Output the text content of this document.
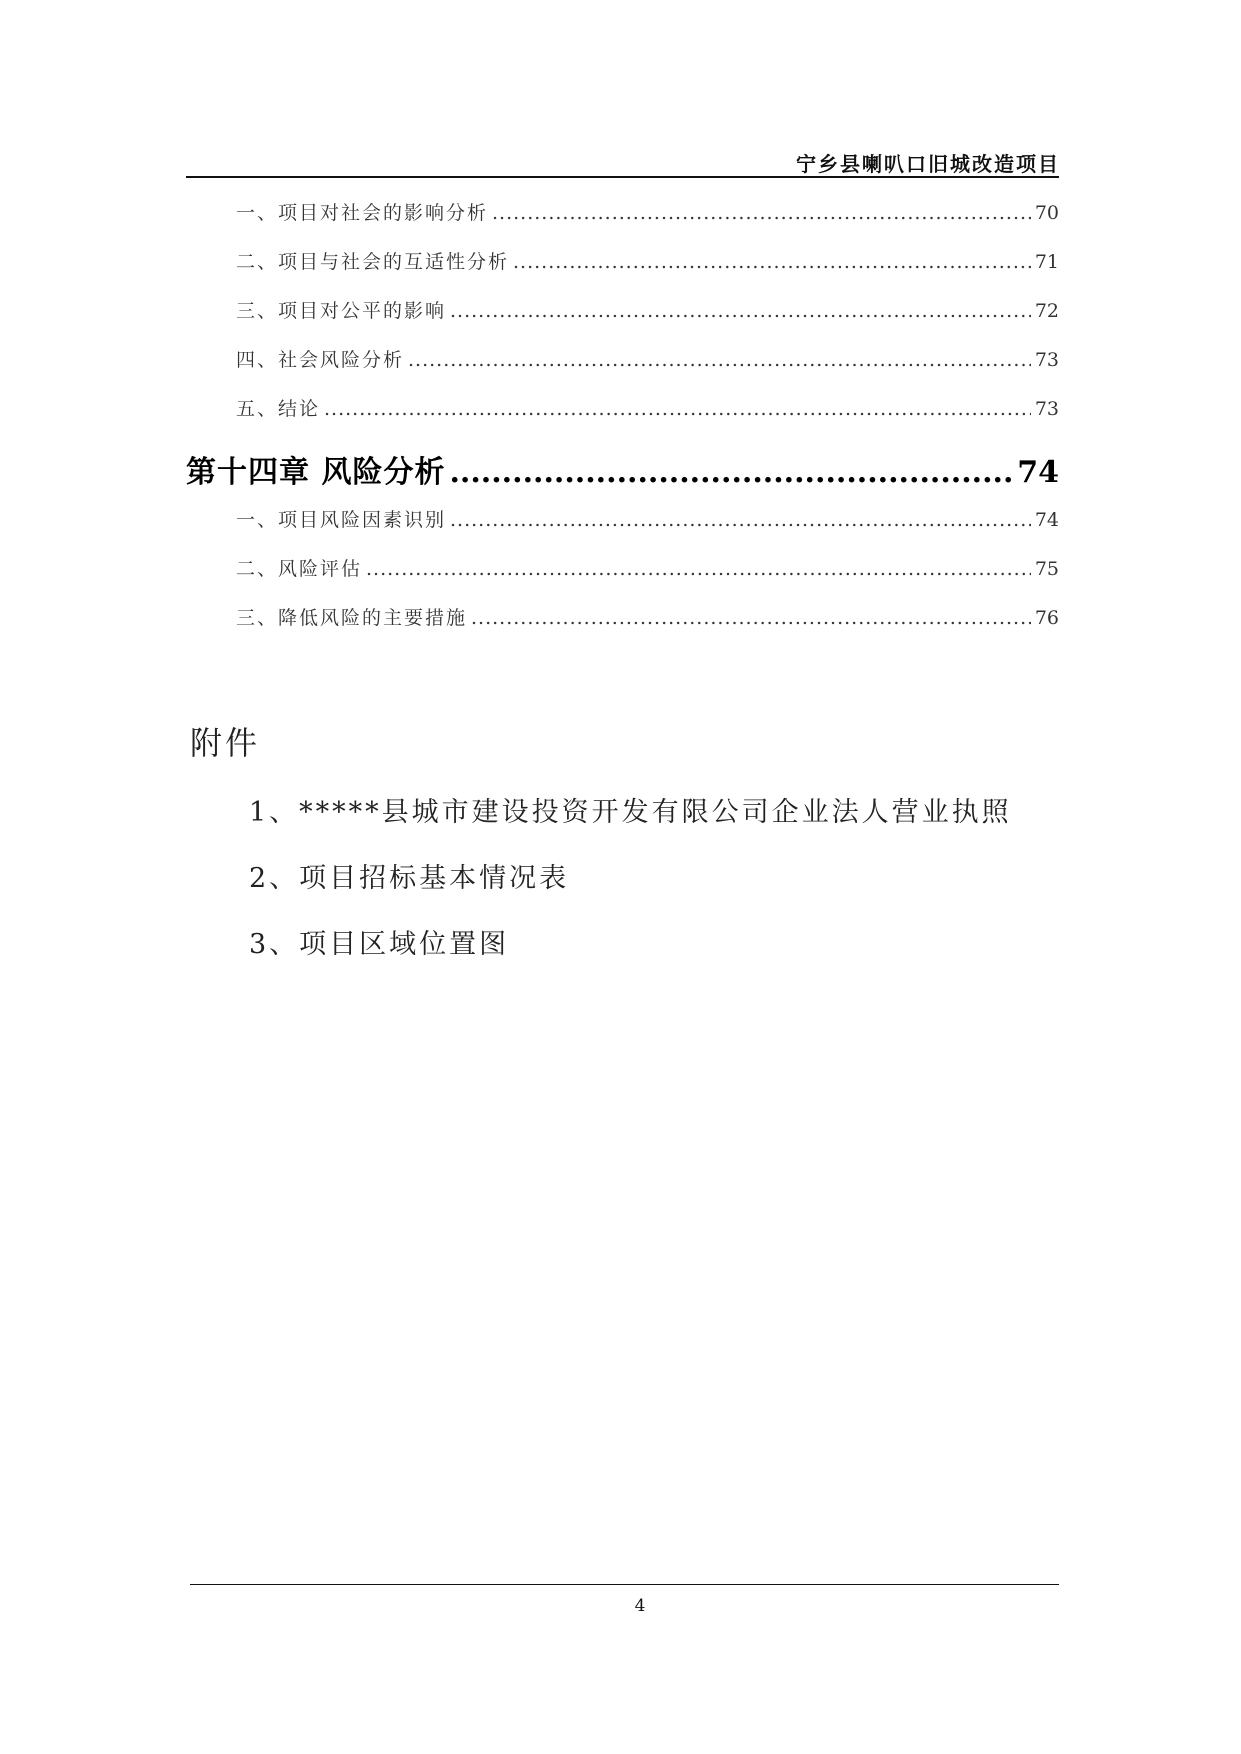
宁乡县喇叭口旧城改造项目
一、项目对社会的影响分析 .....	70
二、项目与社会的互适性分析 .....	71
三、项目对公平的影响 .....	72
四、社会风险分析 .....	73
五、结论 .....	73
第十四章 风险分析 .....	74
一、项目风险因素识别 .....	74
二、风险评估 .....	75
三、降低风险的主要措施 .....	76
附件
1、*****县城市建设投资开发有限公司企业法人营业执照
2、项目招标基本情况表
3、项目区域位置图
4
